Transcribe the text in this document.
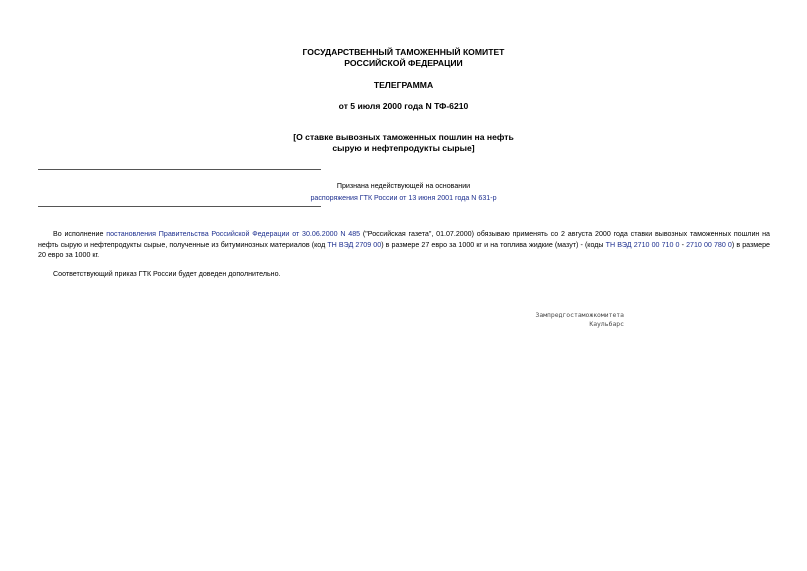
ГОСУДАРСТВЕННЫЙ ТАМОЖЕННЫЙ КОМИТЕТ
РОССИЙСКОЙ ФЕДЕРАЦИИ
ТЕЛЕГРАММА
от 5 июля 2000 года N ТФ-6210
[О ставке вывозных таможенных пошлин на нефть
сырую и нефтепродукты сырые]
Признана недействующей на основании
распоряжения ГТК России от 13 июня 2001 года N 631-р
Во исполнение постановления Правительства Российской Федерации от 30.06.2000 N 485 ("Российская газета", 01.07.2000) обязываю применять со 2 августа 2000 года ставки вывозных таможенных пошлин на нефть сырую и нефтепродукты сырые, полученные из битуминозных материалов (код ТН ВЭД 2709 00) в размере 27 евро за 1000 кг и на топлива жидкие (мазут) - (коды ТН ВЭД 2710 00 710 0 - 2710 00 780 0) в размере 20 евро за 1000 кг.
Соответствующий приказ ГТК России будет доведен дополнительно.
Зампредгостаможкомитета
Каульбарс
